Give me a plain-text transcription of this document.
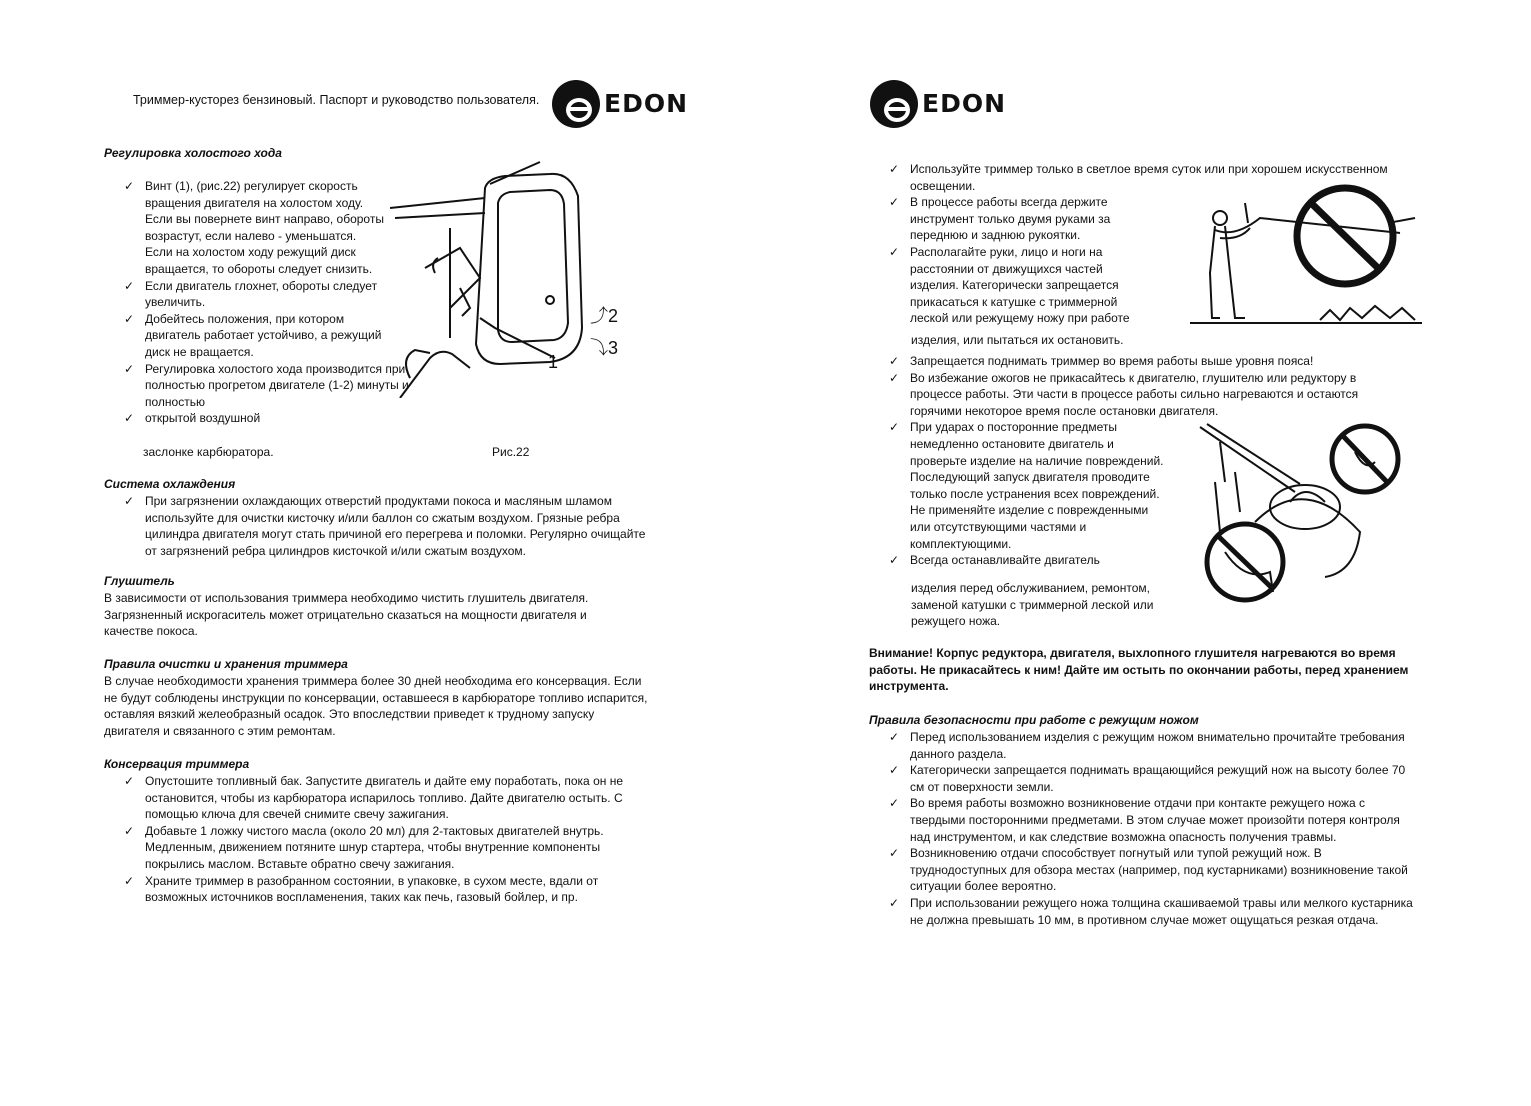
Триммер-кусторез бензиновый. Паспорт и руководство пользователя.	EDON
Регулировка холостого хода
✓ Винт (1), (рис.22) регулирует скорость вращения двигателя на холостом ходу. Если вы повернете винт направо, обороты возрастут, если налево - уменьшатся. Если на холостом ходу режущий диск вращается, то обороты следует снизить.
✓ Если двигатель глохнет, обороты следует увеличить.
✓ Добейтесь положения, при котором двигатель работает устойчиво, а режущий диск не вращается.
✓ Регулировка холостого хода производится при полностью прогретом двигателе (1-2) минуты и полностью
✓ открытой воздушной
заслонке карбюратора.	Рис.22
1
⤴2
⤵3
Система охлаждения

✓ При загрязнении охлаждающих отверстий продуктами покоса и масляным шламом используйте для очистки кисточку и/или баллон со сжатым воздухом. Грязные ребра цилиндра двигателя могут стать причиной его перегрева и поломки. Регулярно очищайте от загрязнений ребра цилиндров кисточкой и/или сжатым воздухом.

Глушитель

В зависимости от использования триммера необходимо чистить глушитель двигателя. Загрязненный искрогаситель может отрицательно сказаться на мощности двигателя и качестве покоса.

Правила очистки и хранения триммера

В случае необходимости хранения триммера более 30 дней необходима его консервация. Если не будут соблюдены инструкции по консервации, оставшееся в карбюраторе топливо испарится, оставляя вязкий желеобразный осадок. Это впоследствии приведет к трудному запуску двигателя и связанного с этим ремонтам.

Консервация триммера
✓ Опустошите топливный бак. Запустите двигатель и дайте ему поработать, пока он не остановится, чтобы из карбюратора испарилось топливо. Дайте двигателю остыть. С помощью ключа для свечей снимите свечу зажигания.
✓ Добавьте 1 ложку чистого масла (около 20 мл) для 2-тактовых двигателей внутрь. Медленным, движением потяните шнур стартера, чтобы внутренние компоненты покрылись маслом. Вставьте обратно свечу зажигания.
✓ Храните триммер в разобранном состоянии, в упаковке, в сухом месте, вдали от возможных источников воспламенения, таких как печь, газовый бойлер, и пр.
EDON
✓ Используйте триммер только в светлое время суток или при хорошем искусственном освещении.
✓ В процессе работы всегда держите инструмент только двумя руками за переднюю и заднюю рукоятки.
✓ Располагайте руки, лицо и ноги на расстоянии от движущихся частей изделия. Категорически запрещается прикасаться к катушке с триммерной леской или режущему ножу при работе
изделия, или пытаться их остановить.
✓ Запрещается поднимать триммер во время работы выше уровня пояса!
✓ Во избежание ожогов не прикасайтесь к двигателю, глушителю или редуктору в процессе работы. Эти части в процессе работы сильно нагреваются и остаются горячими некоторое время после остановки двигателя.
✓ При ударах о посторонние предметы немедленно остановите двигатель и проверьте изделие на наличие повреждений. Последующий запуск двигателя проводите только после устранения всех повреждений. Не применяйте изделие с поврежденными или отсутствующими частями и комплектующими.
✓ Всегда останавливайте двигатель

изделия перед обслуживанием, ремонтом, заменой катушки с триммерной леской или режущего ножа.

Внимание! Корпус редуктора, двигателя, выхлопного глушителя нагреваются во время работы. Не прикасайтесь к ним! Дайте им остыть по окончании работы, перед хранением инструмента.

Правила безопасности при работе с режущим ножом
✓ Перед использованием изделия с режущим ножом внимательно прочитайте требования данного раздела.
✓ Категорически запрещается поднимать вращающийся режущий нож на высоту более 70 см от поверхности земли.
✓ Во время работы возможно возникновение отдачи при контакте режущего ножа с твердыми посторонними предметами. В этом случае может произойти потеря контроля над инструментом, и как следствие возможна опасность получения травмы.
✓ Возникновению отдачи способствует погнутый или тупой режущий нож. В труднодоступных для обзора местах (например, под кустарниками) возникновение такой ситуации более вероятно.
✓ При использовании режущего ножа толщина скашиваемой травы или мелкого кустарника не должна превышать 10 мм, в противном случае может ощущаться резкая отдача.
